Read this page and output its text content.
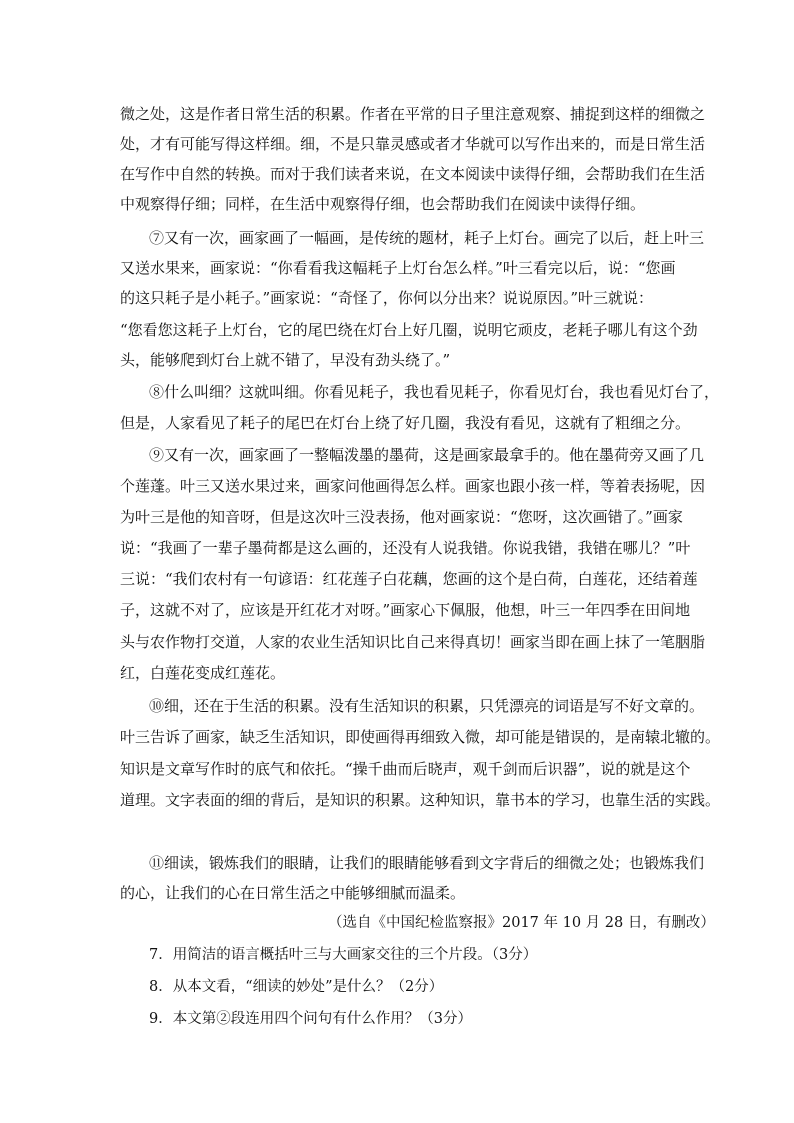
微之处，这是作者日常生活的积累。作者在平常的日子里注意观察、捕捉到这样的细微之
处，才有可能写得这样细。细，不是只靠灵感或者才华就可以写作出来的，而是日常生活
在写作中自然的转换。而对于我们读者来说，在文本阅读中读得仔细，会帮助我们在生活
中观察得仔细；同样，在生活中观察得仔细，也会帮助我们在阅读中读得仔细。
⑦又有一次，画家画了一幅画，是传统的题材，耗子上灯台。画完了以后，赶上叶三
又送水果来，画家说：“你看看我这幅耗子上灯台怎么样。”叶三看完以后，说：“您画
的这只耗子是小耗子。”画家说：“奇怪了，你何以分出来？说说原因。”叶三就说：
“您看您这耗子上灯台，它的尾巴绕在灯台上好几圈，说明它顽皮，老耗子哪儿有这个劲
头，能够爬到灯台上就不错了，早没有劲头绕了。”
⑧什么叫细？这就叫细。你看见耗子，我也看见耗子，你看见灯台，我也看见灯台了，
但是，人家看见了耗子的尾巴在灯台上绕了好几圈，我没有看见，这就有了粗细之分。
⑨又有一次，画家画了一整幅泼墨的墨荷，这是画家最拿手的。他在墨荷旁又画了几
个莲蓬。叶三又送水果过来，画家问他画得怎么样。画家也跟小孩一样，等着表扬呢，因
为叶三是他的知音呀，但是这次叶三没表扬，他对画家说：“您呀，这次画错了。”画家
说：“我画了一辈子墨荷都是这么画的，还没有人说我错。你说我错，我错在哪儿？”叶
三说：“我们农村有一句谚语：红花莲子白花藕，您画的这个是白荷，白莲花，还结着莲
子，这就不对了，应该是开红花才对呀。”画家心下佩服，他想，叶三一年四季在田间地
头与农作物打交道，人家的农业生活知识比自己来得真切！画家当即在画上抹了一笔胭脂
红，白莲花变成红莲花。
⑩细，还在于生活的积累。没有生活知识的积累，只凭漂亮的词语是写不好文章的。
叶三告诉了画家，缺乏生活知识，即使画得再细致入微，却可能是错误的，是南辕北辙的。
知识是文章写作时的底气和依托。“操千曲而后晓声，观千剑而后识器”，说的就是这个
道理。文字表面的细的背后，是知识的积累。这种知识，靠书本的学习，也靠生活的实践。
⑪细读，锻炼我们的眼睛，让我们的眼睛能够看到文字背后的细微之处；也锻炼我们
的心，让我们的心在日常生活之中能够细腻而温柔。
（选自《中国纪检监察报》2017 年 10 月 28 日，有删改）
7．用简洁的语言概括叶三与大画家交往的三个片段。（3分）
8．从本文看，“细读的妙处”是什么？（2分）
9．本文第②段连用四个问句有什么作用？（3分）
